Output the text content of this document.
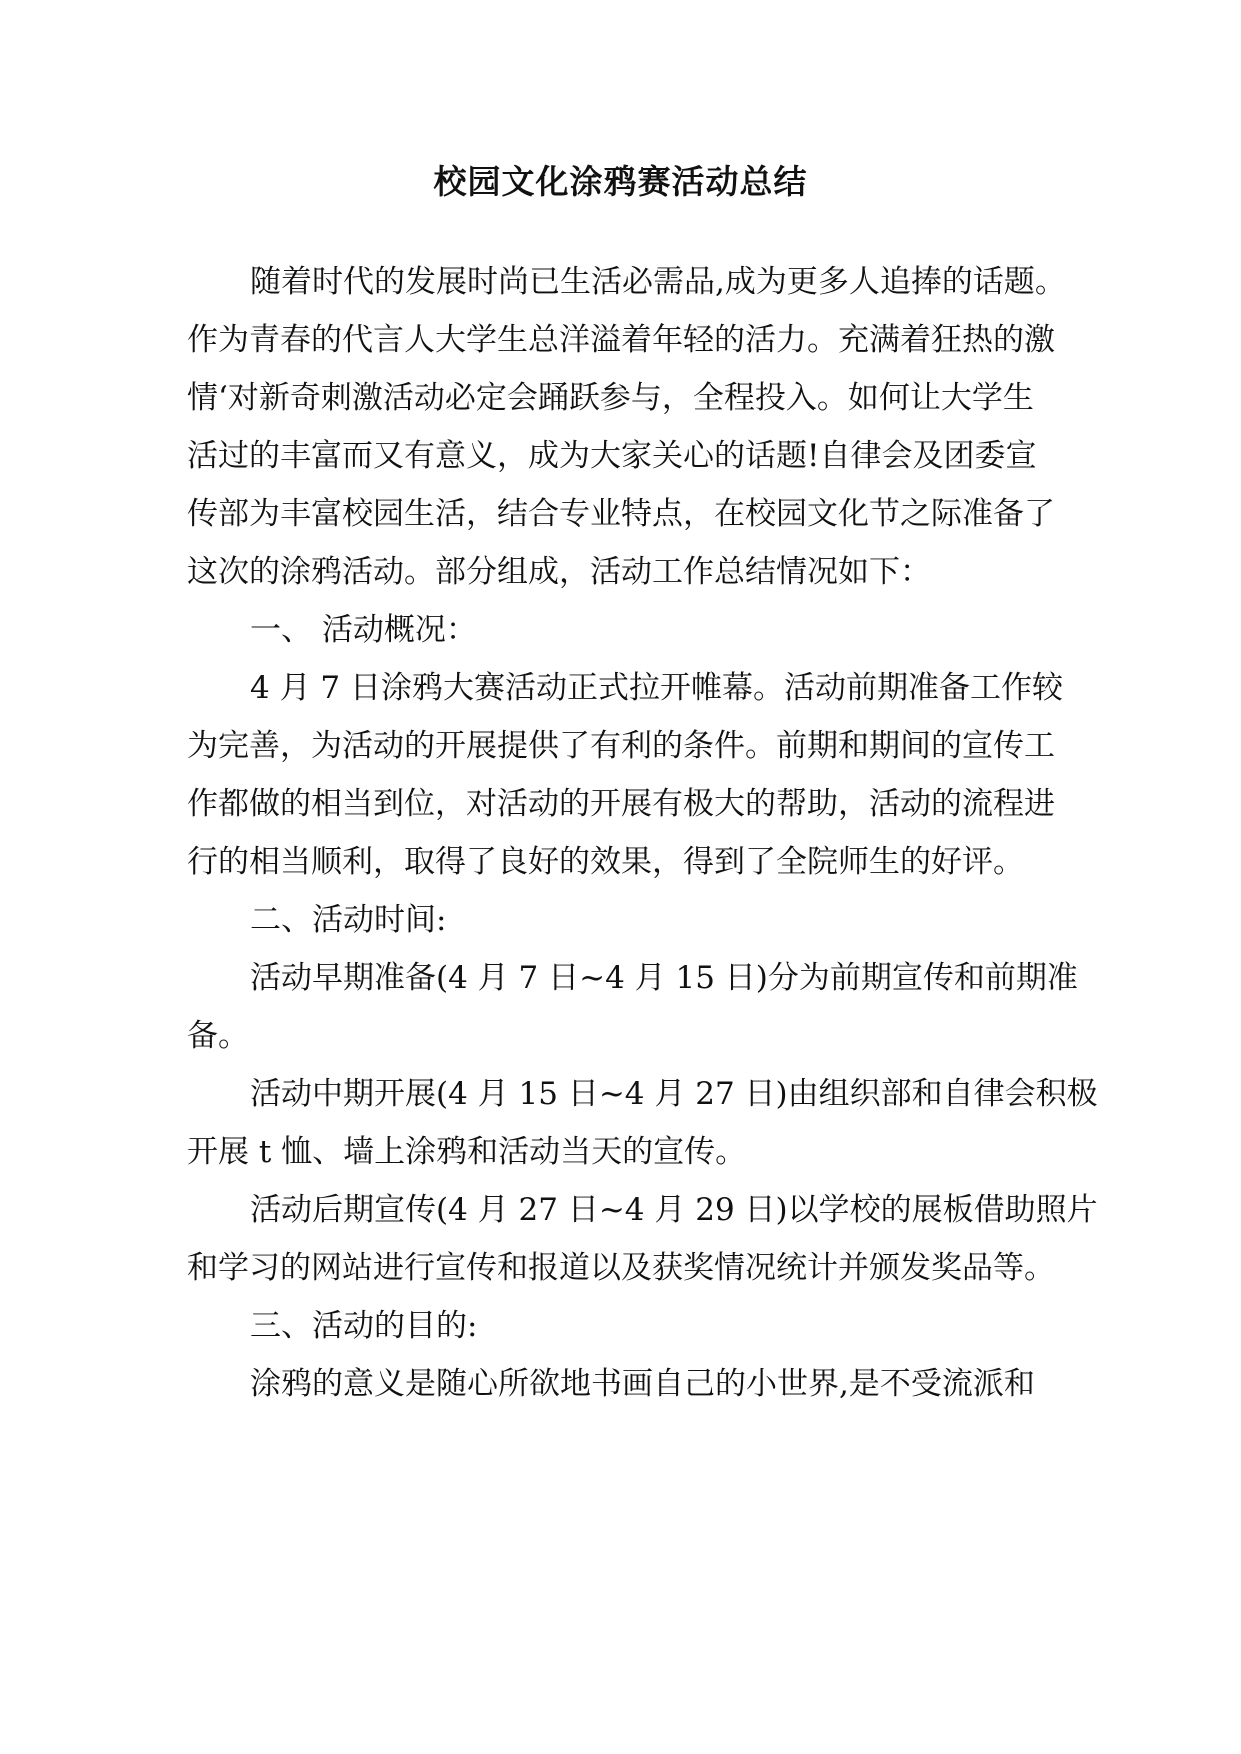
校园文化涂鸦赛活动总结

随着时代的发展时尚已生活必需品,成为更多人追捧的话题。

作为青春的代言人大学生总洋溢着年轻的活力。充满着狂热的激

情‘对新奇刺激活动必定会踊跃参与，全程投入。如何让大学生

活过的丰富而又有意义，成为大家关心的话题!自律会及团委宣

传部为丰富校园生活，结合专业特点，在校园文化节之际准备了

这次的涂鸦活动。部分组成，活动工作总结情况如下：

一、 活动概况：

4 月 7 日涂鸦大赛活动正式拉开帷幕。活动前期准备工作较

为完善，为活动的开展提供了有利的条件。前期和期间的宣传工

作都做的相当到位，对活动的开展有极大的帮助，活动的流程进

行的相当顺利，取得了良好的效果，得到了全院师生的好评。

二、活动时间:

活动早期准备(4 月 7 日~4 月 15 日)分为前期宣传和前期准

备。

活动中期开展(4 月 15 日~4 月 27 日)由组织部和自律会积极

开展 t 恤、墙上涂鸦和活动当天的宣传。

活动后期宣传(4 月 27 日~4 月 29 日)以学校的展板借助照片

和学习的网站进行宣传和报道以及获奖情况统计并颁发奖品等。

三、活动的目的:

涂鸦的意义是随心所欲地书画自己的小世界,是不受流派和
